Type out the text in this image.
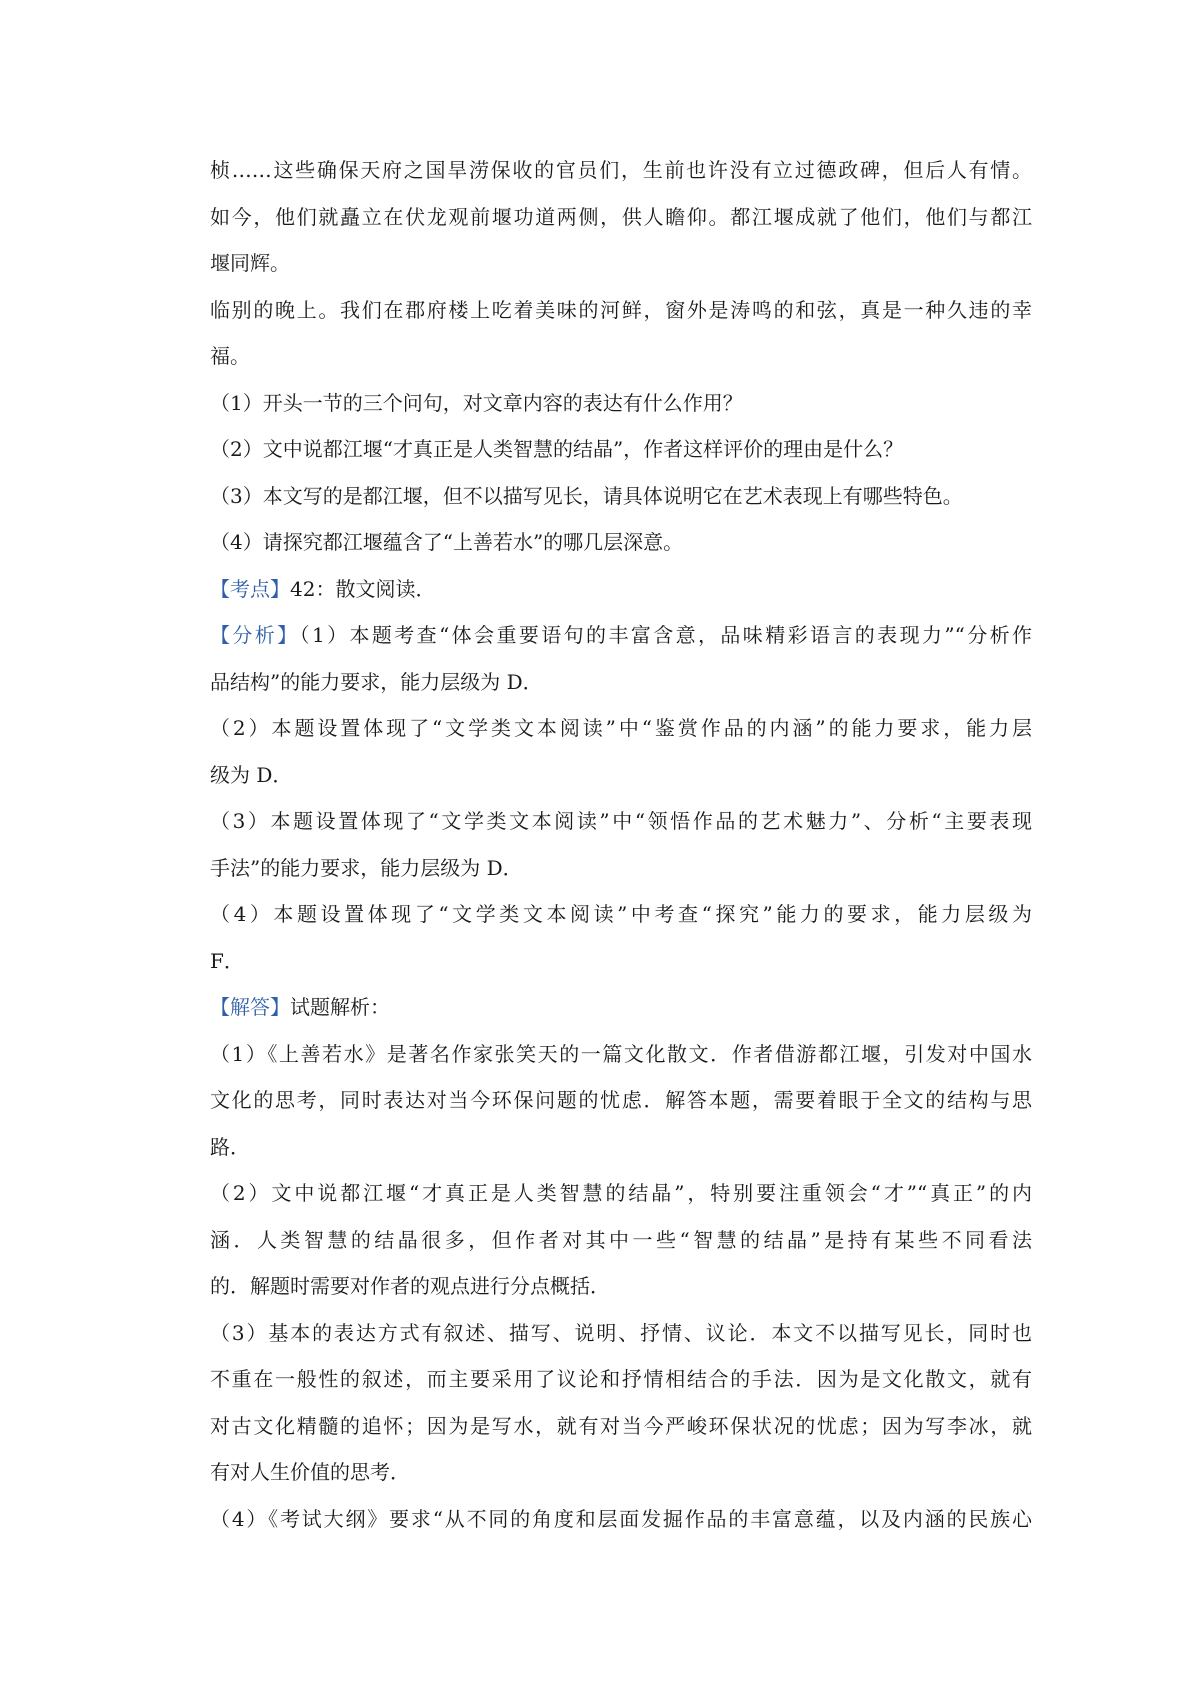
桢……这些确保天府之国旱涝保收的官员们，生前也许没有立过德政碑，但后人有情。
如今，他们就矗立在伏龙观前堰功道两侧，供人瞻仰。都江堰成就了他们，他们与都江
堰同辉。
临别的晚上。我们在郡府楼上吃着美味的河鲜，窗外是涛鸣的和弦，真是一种久违的幸
福。
（1）开头一节的三个问句，对文章内容的表达有什么作用？
（2）文中说都江堰“才真正是人类智慧的结晶”，作者这样评价的理由是什么？
（3）本文写的是都江堰，但不以描写见长，请具体说明它在艺术表现上有哪些特色。
（4）请探究都江堰蕴含了“上善若水”的哪几层深意。
【考点】42：散文阅读．
【分析】（1）本题考查“体会重要语句的丰富含意，品味精彩语言的表现力”“分析作
品结构”的能力要求，能力层级为 D．
（2）本题设置体现了“文学类文本阅读”中“鉴赏作品的内涵”的能力要求，能力层
级为 D．
（3）本题设置体现了“文学类文本阅读”中“领悟作品的艺术魅力”、分析“主要表现
手法”的能力要求，能力层级为 D．
（4）本题设置体现了“文学类文本阅读”中考查“探究”能力的要求，能力层级为
F．
【解答】试题解析：
（1）《上善若水》是著名作家张笑天的一篇文化散文．作者借游都江堰，引发对中国水
文化的思考，同时表达对当今环保问题的忧虑．解答本题，需要着眼于全文的结构与思
路．
（2）文中说都江堰“才真正是人类智慧的结晶”，特别要注重领会“才”“真正”的内
涵．人类智慧的结晶很多，但作者对其中一些“智慧的结晶”是持有某些不同看法
的．解题时需要对作者的观点进行分点概括．
（3）基本的表达方式有叙述、描写、说明、抒情、议论．本文不以描写见长，同时也
不重在一般性的叙述，而主要采用了议论和抒情相结合的手法．因为是文化散文，就有
对古文化精髓的追怀；因为是写水，就有对当今严峻环保状况的忧虑；因为写李冰，就
有对人生价值的思考．
（4）《考试大纲》要求“从不同的角度和层面发掘作品的丰富意蕴，以及内涵的民族心
